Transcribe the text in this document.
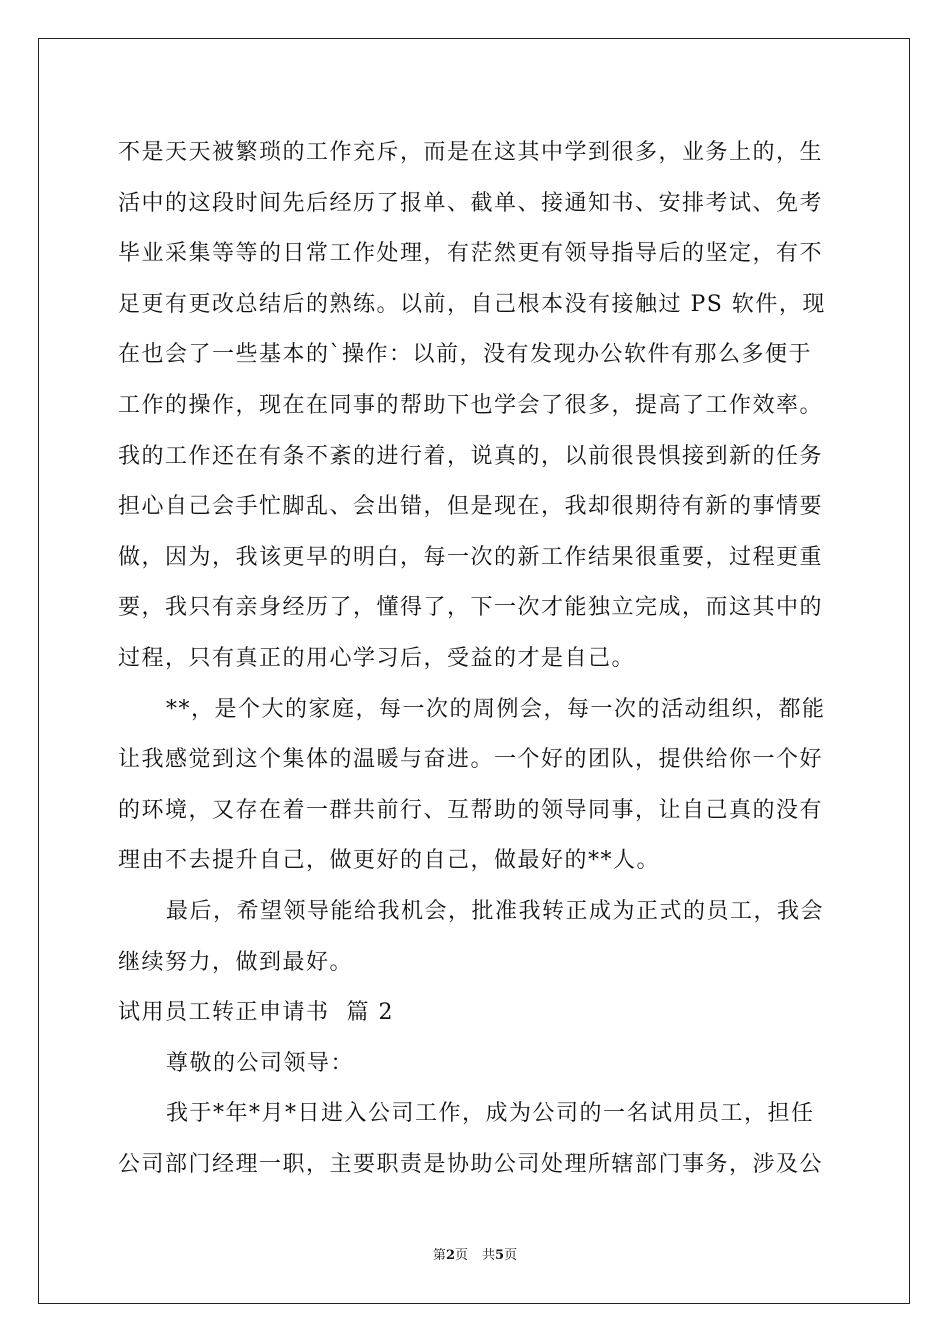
不是天天被繁琐的工作充斥，而是在这其中学到很多，业务上的，生
活中的这段时间先后经历了报单、截单、接通知书、安排考试、免考
毕业采集等等的日常工作处理，有茫然更有领导指导后的坚定，有不
足更有更改总结后的熟练。以前，自己根本没有接触过 PS 软件，现
在也会了一些基本的`操作：以前，没有发现办公软件有那么多便于
工作的操作，现在在同事的帮助下也学会了很多，提高了工作效率。
我的工作还在有条不紊的进行着，说真的，以前很畏惧接到新的任务
担心自己会手忙脚乱、会出错，但是现在，我却很期待有新的事情要
做，因为，我该更早的明白，每一次的新工作结果很重要，过程更重
要，我只有亲身经历了，懂得了，下一次才能独立完成，而这其中的
过程，只有真正的用心学习后，受益的才是自己。
**，是个大的家庭，每一次的周例会，每一次的活动组织，都能
让我感觉到这个集体的温暖与奋进。一个好的团队，提供给你一个好
的环境，又存在着一群共前行、互帮助的领导同事，让自己真的没有
理由不去提升自己，做更好的自己，做最好的**人。
最后，希望领导能给我机会，批准我转正成为正式的员工，我会
继续努力，做到最好。
试用员工转正申请书  篇 2
尊敬的公司领导：
我于*年*月*日进入公司工作，成为公司的一名试用员工，担任
公司部门经理一职，主要职责是协助公司处理所辖部门事务，涉及公
第2页 共5页
